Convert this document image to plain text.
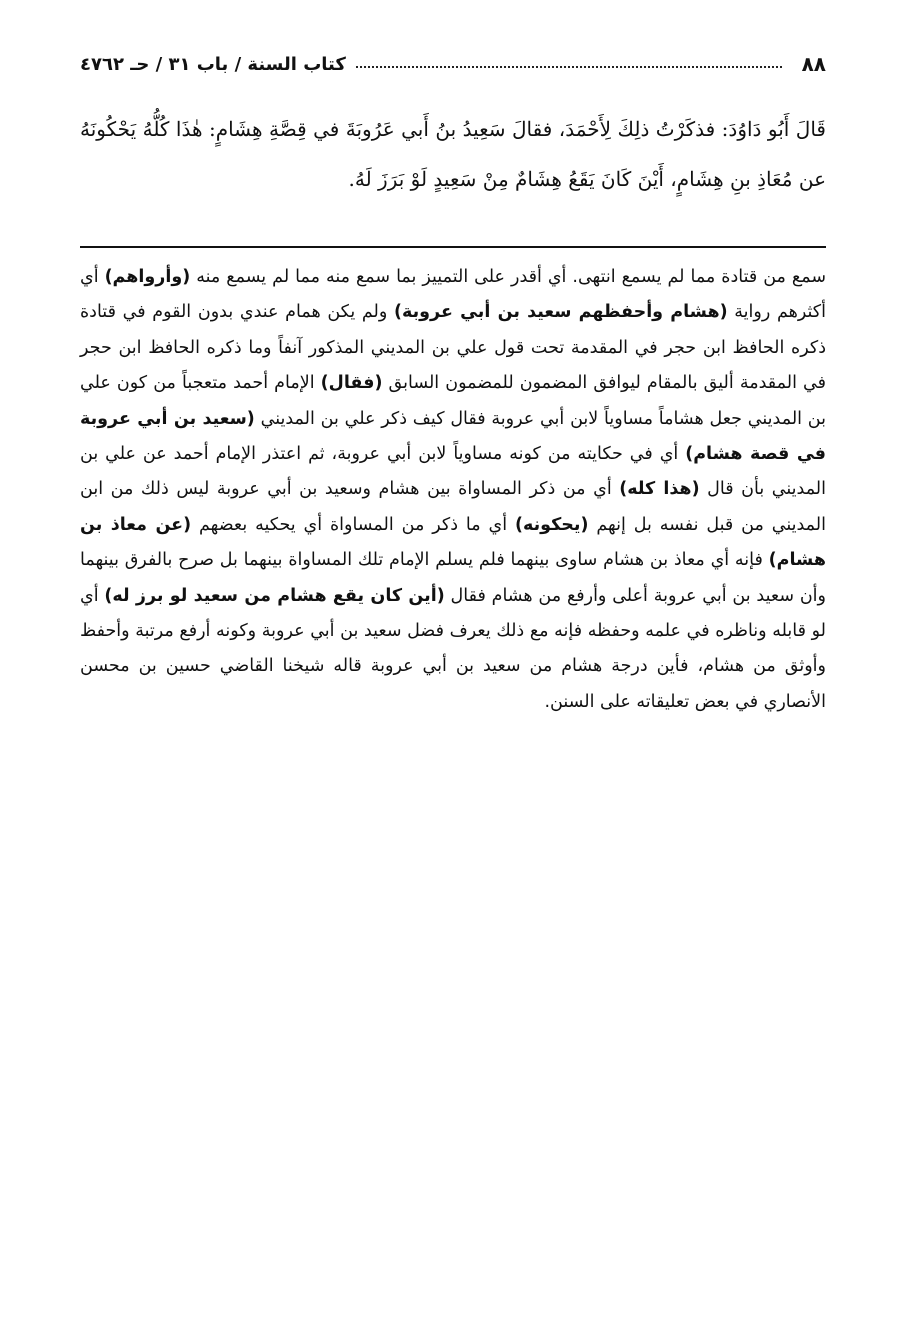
٨٨
كتاب السنة / باب ٣١ / حـ ٤٧٦٢
قَالَ أَبُو دَاوُدَ: فذكَرْتُ ذلِكَ لِأَحْمَدَ، فقالَ سَعِيدُ بنُ أَبي عَرُوبَةَ في قِصَّةِ هِشَامٍ: هٰذَا كُلُّهُ يَحْكُونَهُ عن مُعَاذِ بنِ هِشَامٍ، أَيْنَ كَانَ يَقَعُ هِشَامٌ مِنْ سَعِيدٍ لَوْ بَرَزَ لَهُ.
سمع من قتادة مما لم يسمع انتهى. أي أقدر على التمييز بما سمع منه مما لم يسمع منه (وأرواهم) أي أكثرهم رواية (هشام وأحفظهم سعيد بن أبي عروبة) ولم يكن همام عندي بدون القوم في قتادة ذكره الحافظ ابن حجر في المقدمة تحت قول علي بن المديني المذكور آنفاً وما ذكره الحافظ ابن حجر في المقدمة أليق بالمقام ليوافق المضمون للمضمون السابق (فقال) الإمام أحمد متعجباً من كون علي بن المديني جعل هشاماً مساوياً لابن أبي عروبة فقال كيف ذكر علي بن المديني (سعيد بن أبي عروبة في قصة هشام) أي في حكايته من كونه مساوياً لابن أبي عروبة، ثم اعتذر الإمام أحمد عن علي بن المديني بأن قال (هذا كله) أي من ذكر المساواة بين هشام وسعيد بن أبي عروبة ليس ذلك من ابن المديني من قبل نفسه بل إنهم (يحكونه) أي ما ذكر من المساواة أي يحكيه بعضهم (عن معاذ بن هشام) فإنه أي معاذ بن هشام ساوى بينهما فلم يسلم الإمام تلك المساواة بينهما بل صرح بالفرق بينهما وأن سعيد بن أبي عروبة أعلى وأرفع من هشام فقال (أين كان يقع هشام من سعيد لو برز له) أي لو قابله وناظره في علمه وحفظه فإنه مع ذلك يعرف فضل سعيد بن أبي عروبة وكونه أرفع مرتبة وأحفظ وأوثق من هشام، فأين درجة هشام من سعيد بن أبي عروبة قاله شيخنا القاضي حسين بن محسن الأنصاري في بعض تعليقاته على السنن.
